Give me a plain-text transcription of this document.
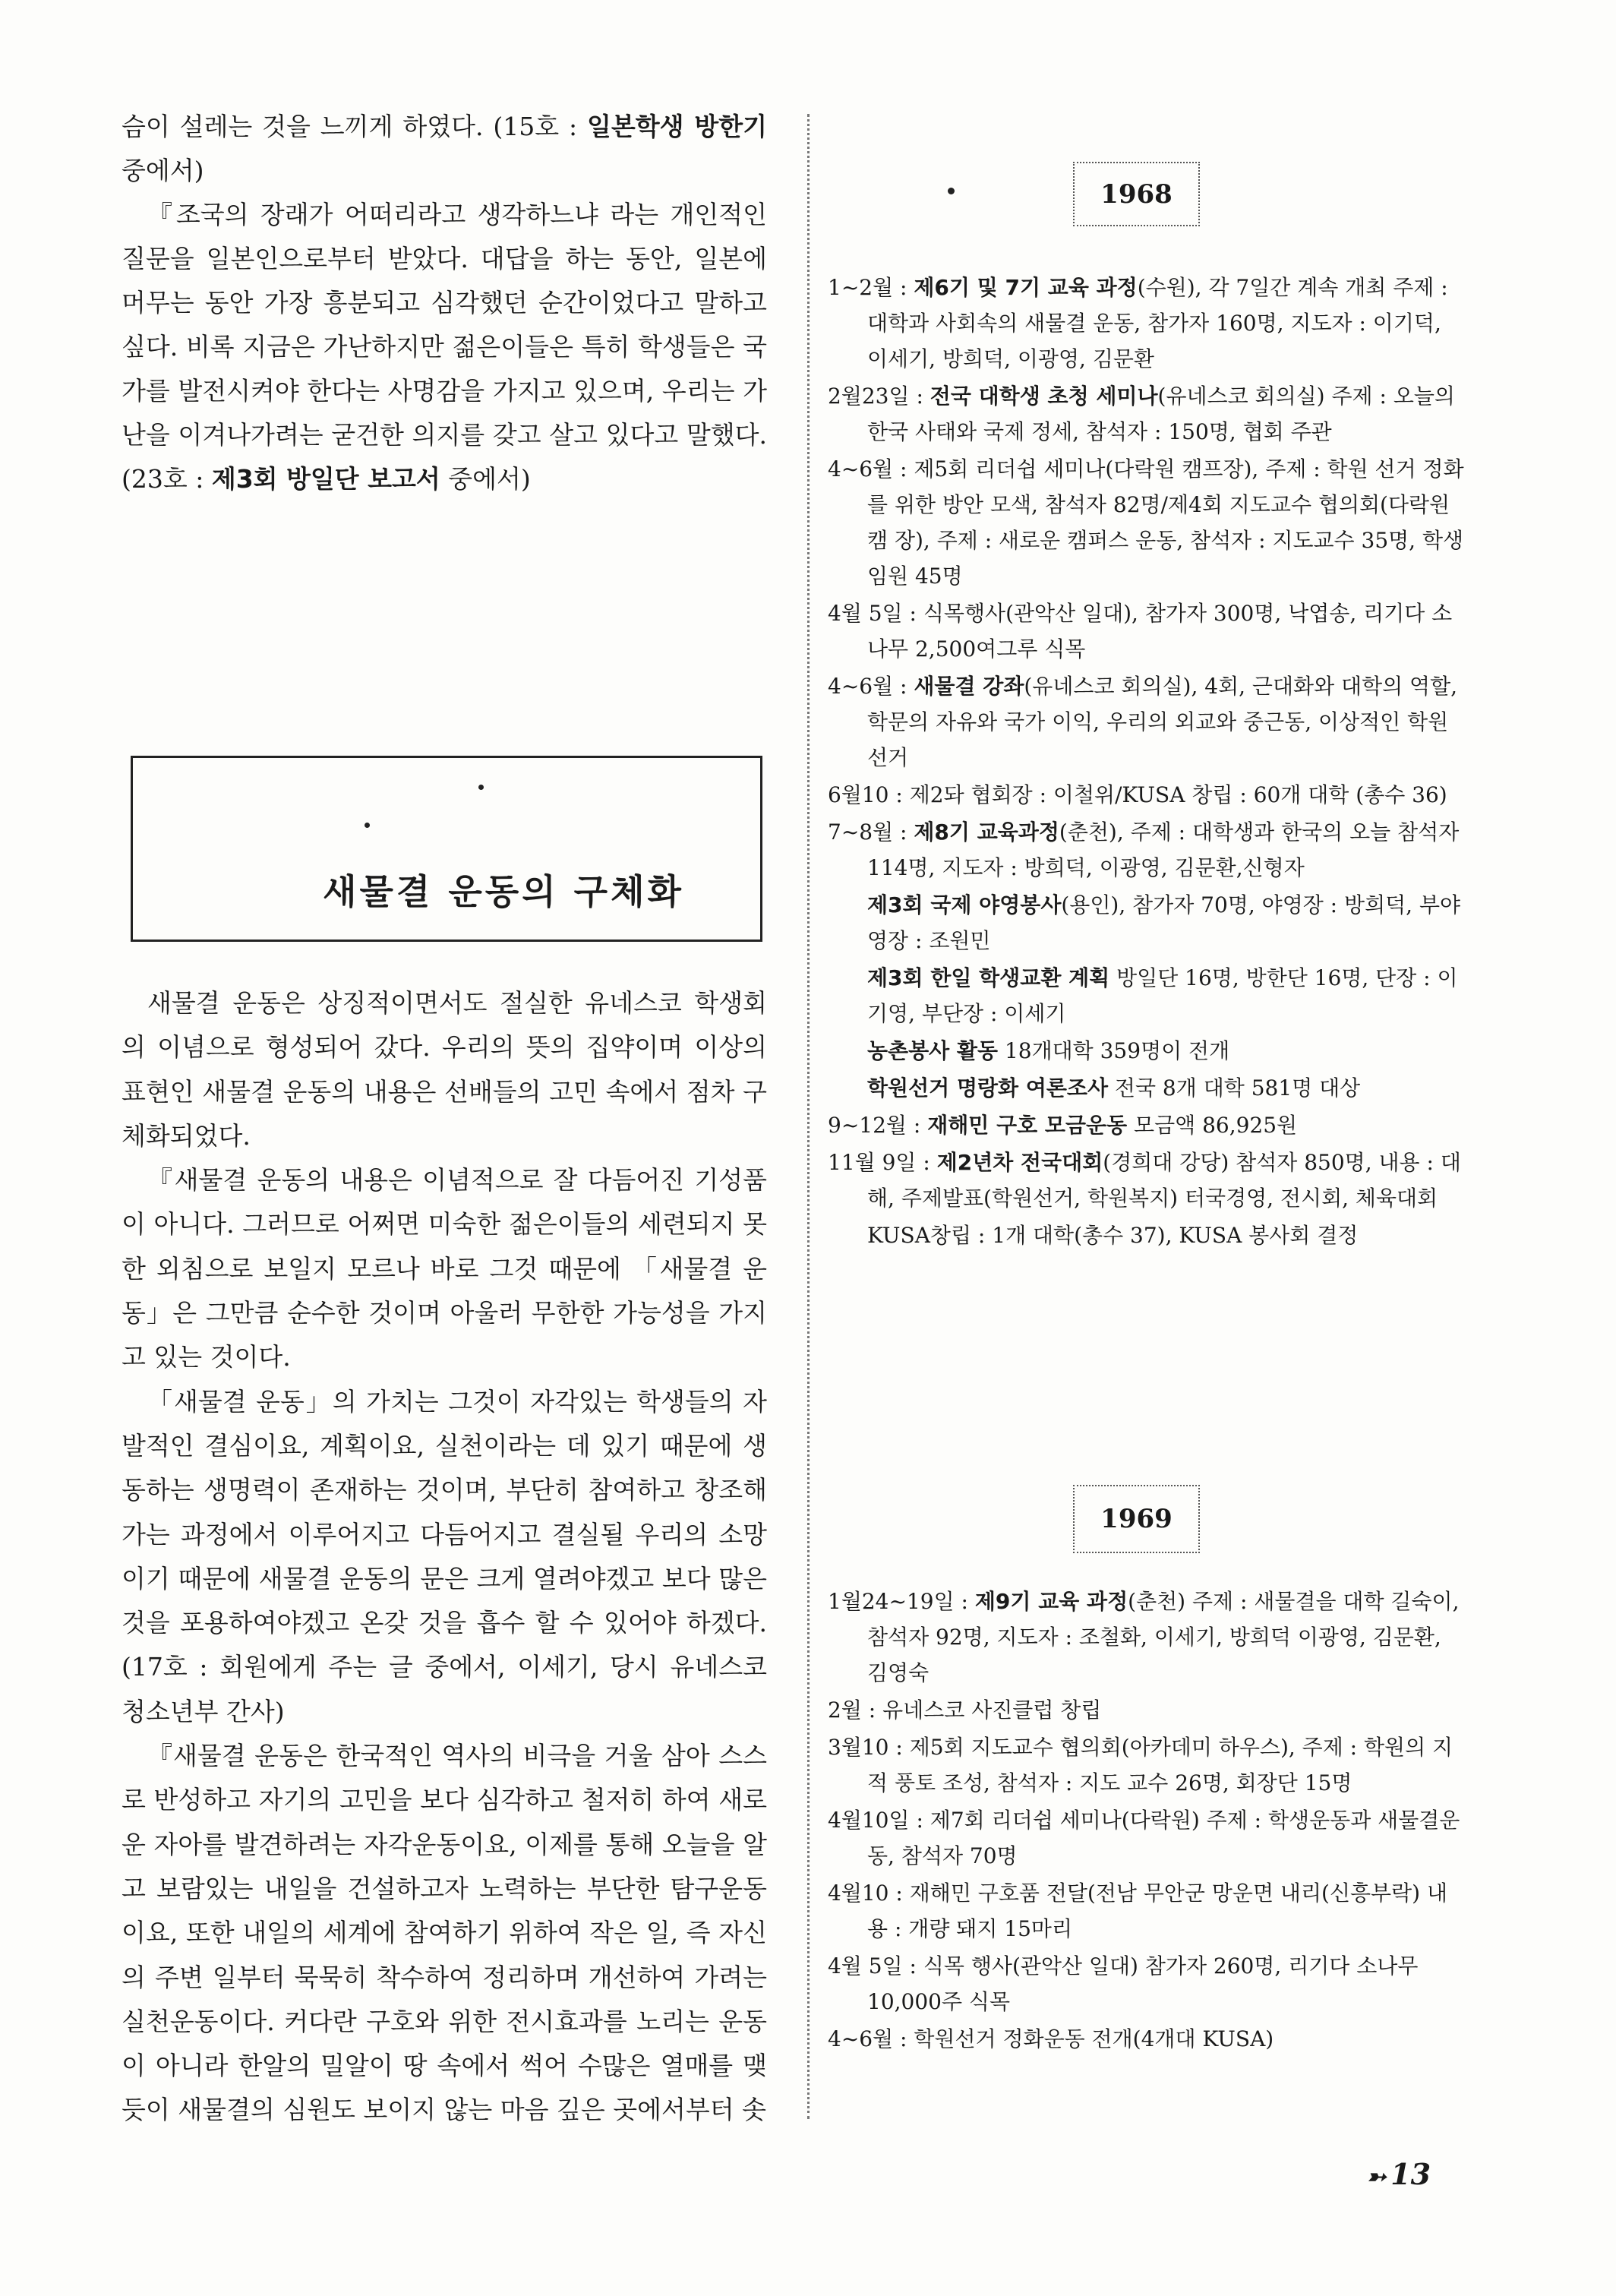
슴이 설레는 것을 느끼게 하였다. (15호 : 일본학생 방한기 중에서)

『조국의 장래가 어떠리라고 생각하느냐 라는 개인적인 질문을 일본인으로부터 받았다. 대답을 하는 동안, 일본에 머무는 동안 가장 흥분되고 심각했던 순간이었다고 말하고 싶다. 비록 지금은 가난하지만 젊은이들은 특히 학생들은 국가를 발전시켜야 한다는 사명감을 가지고 있으며, 우리는 가난을 이겨나가려는 굳건한 의지를 갖고 살고 있다고 말했다. (23호 : 제3회 방일단 보고서 중에서)

새물결 운동의 구체화

새물결 운동은 상징적이면서도 절실한 유네스코 학생회의 이념으로 형성되어 갔다. 우리의 뜻의 집약이며 이상의 표현인 새물결 운동의 내용은 선배들의 고민 속에서 점차 구체화되었다.

『새물결 운동의 내용은 이념적으로 잘 다듬어진 기성품이 아니다. 그러므로 어쩌면 미숙한 젊은이들의 세련되지 못한 외침으로 보일지 모르나 바로 그것 때문에 「새물결 운동」은 그만큼 순수한 것이며 아울러 무한한 가능성을 가지고 있는 것이다.

「새물결 운동」의 가치는 그것이 자각있는 학생들의 자발적인 결심이요, 계획이요, 실천이라는 데 있기 때문에 생동하는 생명력이 존재하는 것이며, 부단히 참여하고 창조해가는 과정에서 이루어지고 다듬어지고 결실될 우리의 소망이기 때문에 새물결 운동의 문은 크게 열려야겠고 보다 많은 것을 포용하여야겠고 온갖 것을 흡수 할 수 있어야 하겠다. (17호 : 회원에게 주는 글 중에서, 이세기, 당시 유네스코 청소년부 간사)

『새물결 운동은 한국적인 역사의 비극을 거울 삼아 스스로 반성하고 자기의 고민을 보다 심각하고 철저히 하여 새로운 자아를 발견하려는 자각운동이요, 이제를 통해 오늘을 알고 보람있는 내일을 건설하고자 노력하는 부단한 탐구운동이요, 또한 내일의 세계에 참여하기 위하여 작은 일, 즉 자신의 주변 일부터 묵묵히 착수하여 정리하며 개선하여 가려는 실천운동이다. 커다란 구호와 위한 전시효과를 노리는 운동이 아니라 한알의 밀알이 땅 속에서 썩어 수많은 열매를 맺듯이 새물결의 심원도 보이지 않는 마음 깊은 곳에서부터 솟

1968
1~2월 : 제6기 및 7기 교육 과정(수원), 각 7일간 계속 개최 주제 : 대학과 사회속의 새물결 운동, 참가자 160명, 지도자 : 이기덕, 이세기, 방희덕, 이광영, 김문환
2월23일 : 전국 대학생 초청 세미나(유네스코 회의실) 주제 : 오늘의 한국 사태와 국제 정세, 참석자 : 150명, 협회 주관
4~6월 : 제5회 리더쉽 세미나(다락원 캠프장), 주제 : 학원 선거 정화를 위한 방안 모색, 참석자 82명/제4회 지도교수 협의회(다락원 캠 장), 주제 : 새로운 캠퍼스 운동, 참석자 : 지도교수 35명, 학생임원 45명
4월 5일 : 식목행사(관악산 일대), 참가자 300명, 낙엽송, 리기다 소나무 2,500여그루 식목
4~6월 : 새물결 강좌(유네스코 회의실), 4회, 근대화와 대학의 역할, 학문의 자유와 국가 이익, 우리의 외교와 중근동, 이상적인 학원 선거
6월10 : 제2돠 협회장 : 이철위/KUSA 창립 : 60개 대학 (총수 36)
7~8월 : 제8기 교육과정(춘천), 주제 : 대학생과 한국의 오늘 참석자 114명, 지도자 : 방희덕, 이광영, 김문환,신형자
제3회 국제 야영봉사(용인), 참가자 70명, 야영장 : 방희덕, 부야영장 : 조원민
제3회 한일 학생교환 계획 방일단 16명, 방한단 16명, 단장 : 이기영, 부단장 : 이세기
농촌봉사 활동 18개대학 359명이 전개
학원선거 명랑화 여론조사 전국 8개 대학 581명 대상
9~12월 : 재해민 구호 모금운동 모금액 86,925원
11월 9일 : 제2년차 전국대회(경희대 강당) 참석자 850명, 내용 : 대해, 주제발표(학원선거, 학원복지) 터국경영, 전시회, 체육대회
KUSA창립 : 1개 대학(총수 37), KUSA 봉사회 결정
1969
1월24~19일 : 제9기 교육 과정(춘천) 주제 : 새물결을 대학 길숙이, 참석자 92명, 지도자 : 조철화, 이세기, 방희덕 이광영, 김문환, 김영숙
2월 : 유네스코 사진클럽 창립
3월10 : 제5회 지도교수 협의회(아카데미 하우스), 주제 : 학원의 지적 풍토 조성, 참석자 : 지도 교수 26명, 회장단 15명
4월10일 : 제7회 리더쉽 세미나(다락원) 주제 : 학생운동과 새물결운동, 참석자 70명
4월10 : 재해민 구호품 전달(전남 무안군 망운면 내리(신흥부락) 내용 : 개량 돼지 15마리
4월 5일 : 식목 행사(관악산 일대) 참가자 260명, 리기다 소나무 10,000주 식목
4~6월 : 학원선거 정화운동 전개(4개대 KUSA)
➳ 13
